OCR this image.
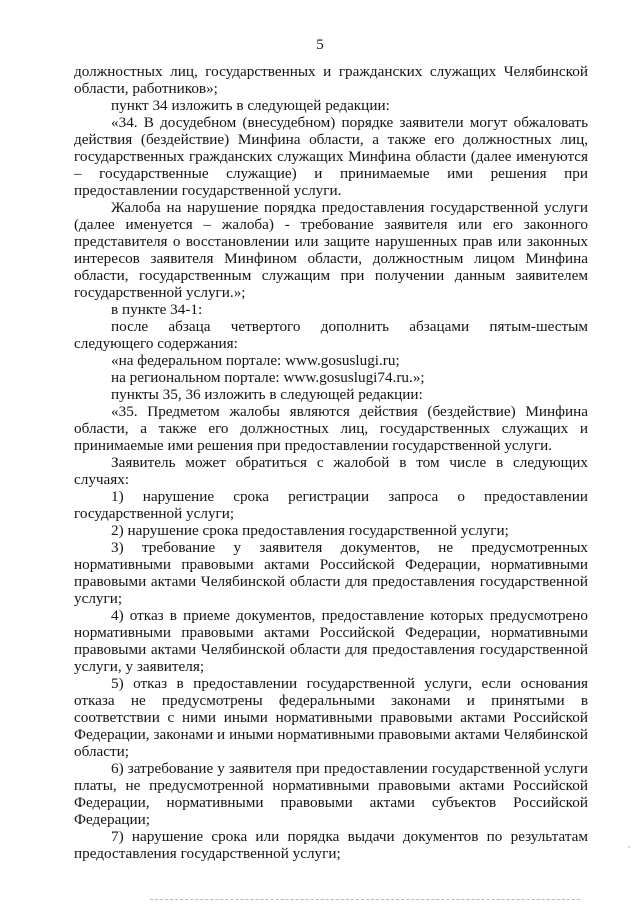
5

должностных лиц, государственных и гражданских служащих Челябинской области, работников»;

пункт 34 изложить в следующей редакции:

«34. В досудебном (внесудебном) порядке заявители могут обжаловать действия (бездействие) Минфина области, а также его должностных лиц, государственных гражданских служащих Минфина области (далее именуются – государственные служащие) и принимаемые ими решения при предоставлении государственной услуги.

Жалоба на нарушение порядка предоставления государственной услуги (далее именуется – жалоба) - требование заявителя или его законного представителя о восстановлении или защите нарушенных прав или законных интересов заявителя Минфином области, должностным лицом Минфина области, государственным служащим при получении данным заявителем государственной услуги.»;

в пункте 34-1:

после абзаца четвертого дополнить абзацами пятым-шестым следующего содержания:

«на федеральном портале: www.gosuslugi.ru;

на региональном портале: www.gosuslugi74.ru.»;

пункты 35, 36 изложить в следующей редакции:

«35. Предметом жалобы являются действия (бездействие) Минфина области, а также его должностных лиц, государственных служащих и принимаемые ими решения при предоставлении государственной услуги.

Заявитель может обратиться с жалобой в том числе в следующих случаях:

1) нарушение срока регистрации запроса о предоставлении государственной услуги;

2) нарушение срока предоставления государственной услуги;

3) требование у заявителя документов, не предусмотренных нормативными правовыми актами Российской Федерации, нормативными правовыми актами Челябинской области для предоставления государственной услуги;

4) отказ в приеме документов, предоставление которых предусмотрено нормативными правовыми актами Российской Федерации, нормативными правовыми актами Челябинской области для предоставления государственной услуги, у заявителя;

5) отказ в предоставлении государственной услуги, если основания отказа не предусмотрены федеральными законами и принятыми в соответствии с ними иными нормативными правовыми актами Российской Федерации, законами и иными нормативными правовыми актами Челябинской области;

6) затребование у заявителя при предоставлении государственной услуги платы, не предусмотренной нормативными правовыми актами Российской Федерации, нормативными правовыми актами субъектов Российской Федерации;

7) нарушение срока или порядка выдачи документов по результатам предоставления государственной услуги;
